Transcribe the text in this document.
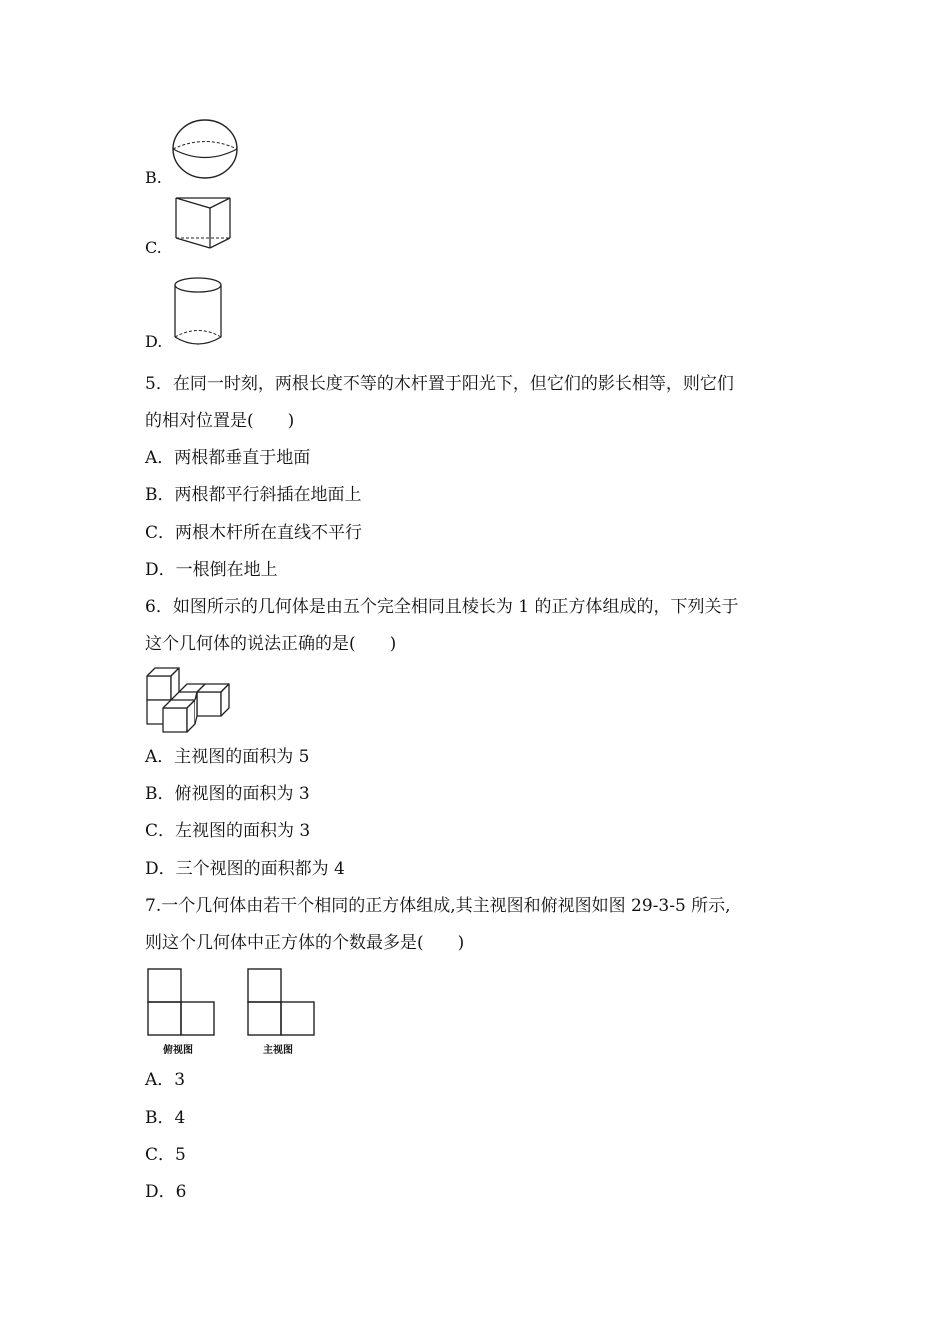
B.
C.
D.
5．在同一时刻，两根长度不等的木杆置于阳光下，但它们的影长相等，则它们
的相对位置是(　　)
A．两根都垂直于地面
B．两根都平行斜插在地面上
C．两根木杆所在直线不平行
D．一根倒在地上
6．如图所示的几何体是由五个完全相同且棱长为 1 的正方体组成的，下列关于
这个几何体的说法正确的是(　　)
A．主视图的面积为 5
B．俯视图的面积为 3
C．左视图的面积为 3
D．三个视图的面积都为 4
7.一个几何体由若干个相同的正方体组成,其主视图和俯视图如图 29-3-5 所示,
则这个几何体中正方体的个数最多是(　　)
俯视图	主视图
A．3
B．4
C．5
D．6
